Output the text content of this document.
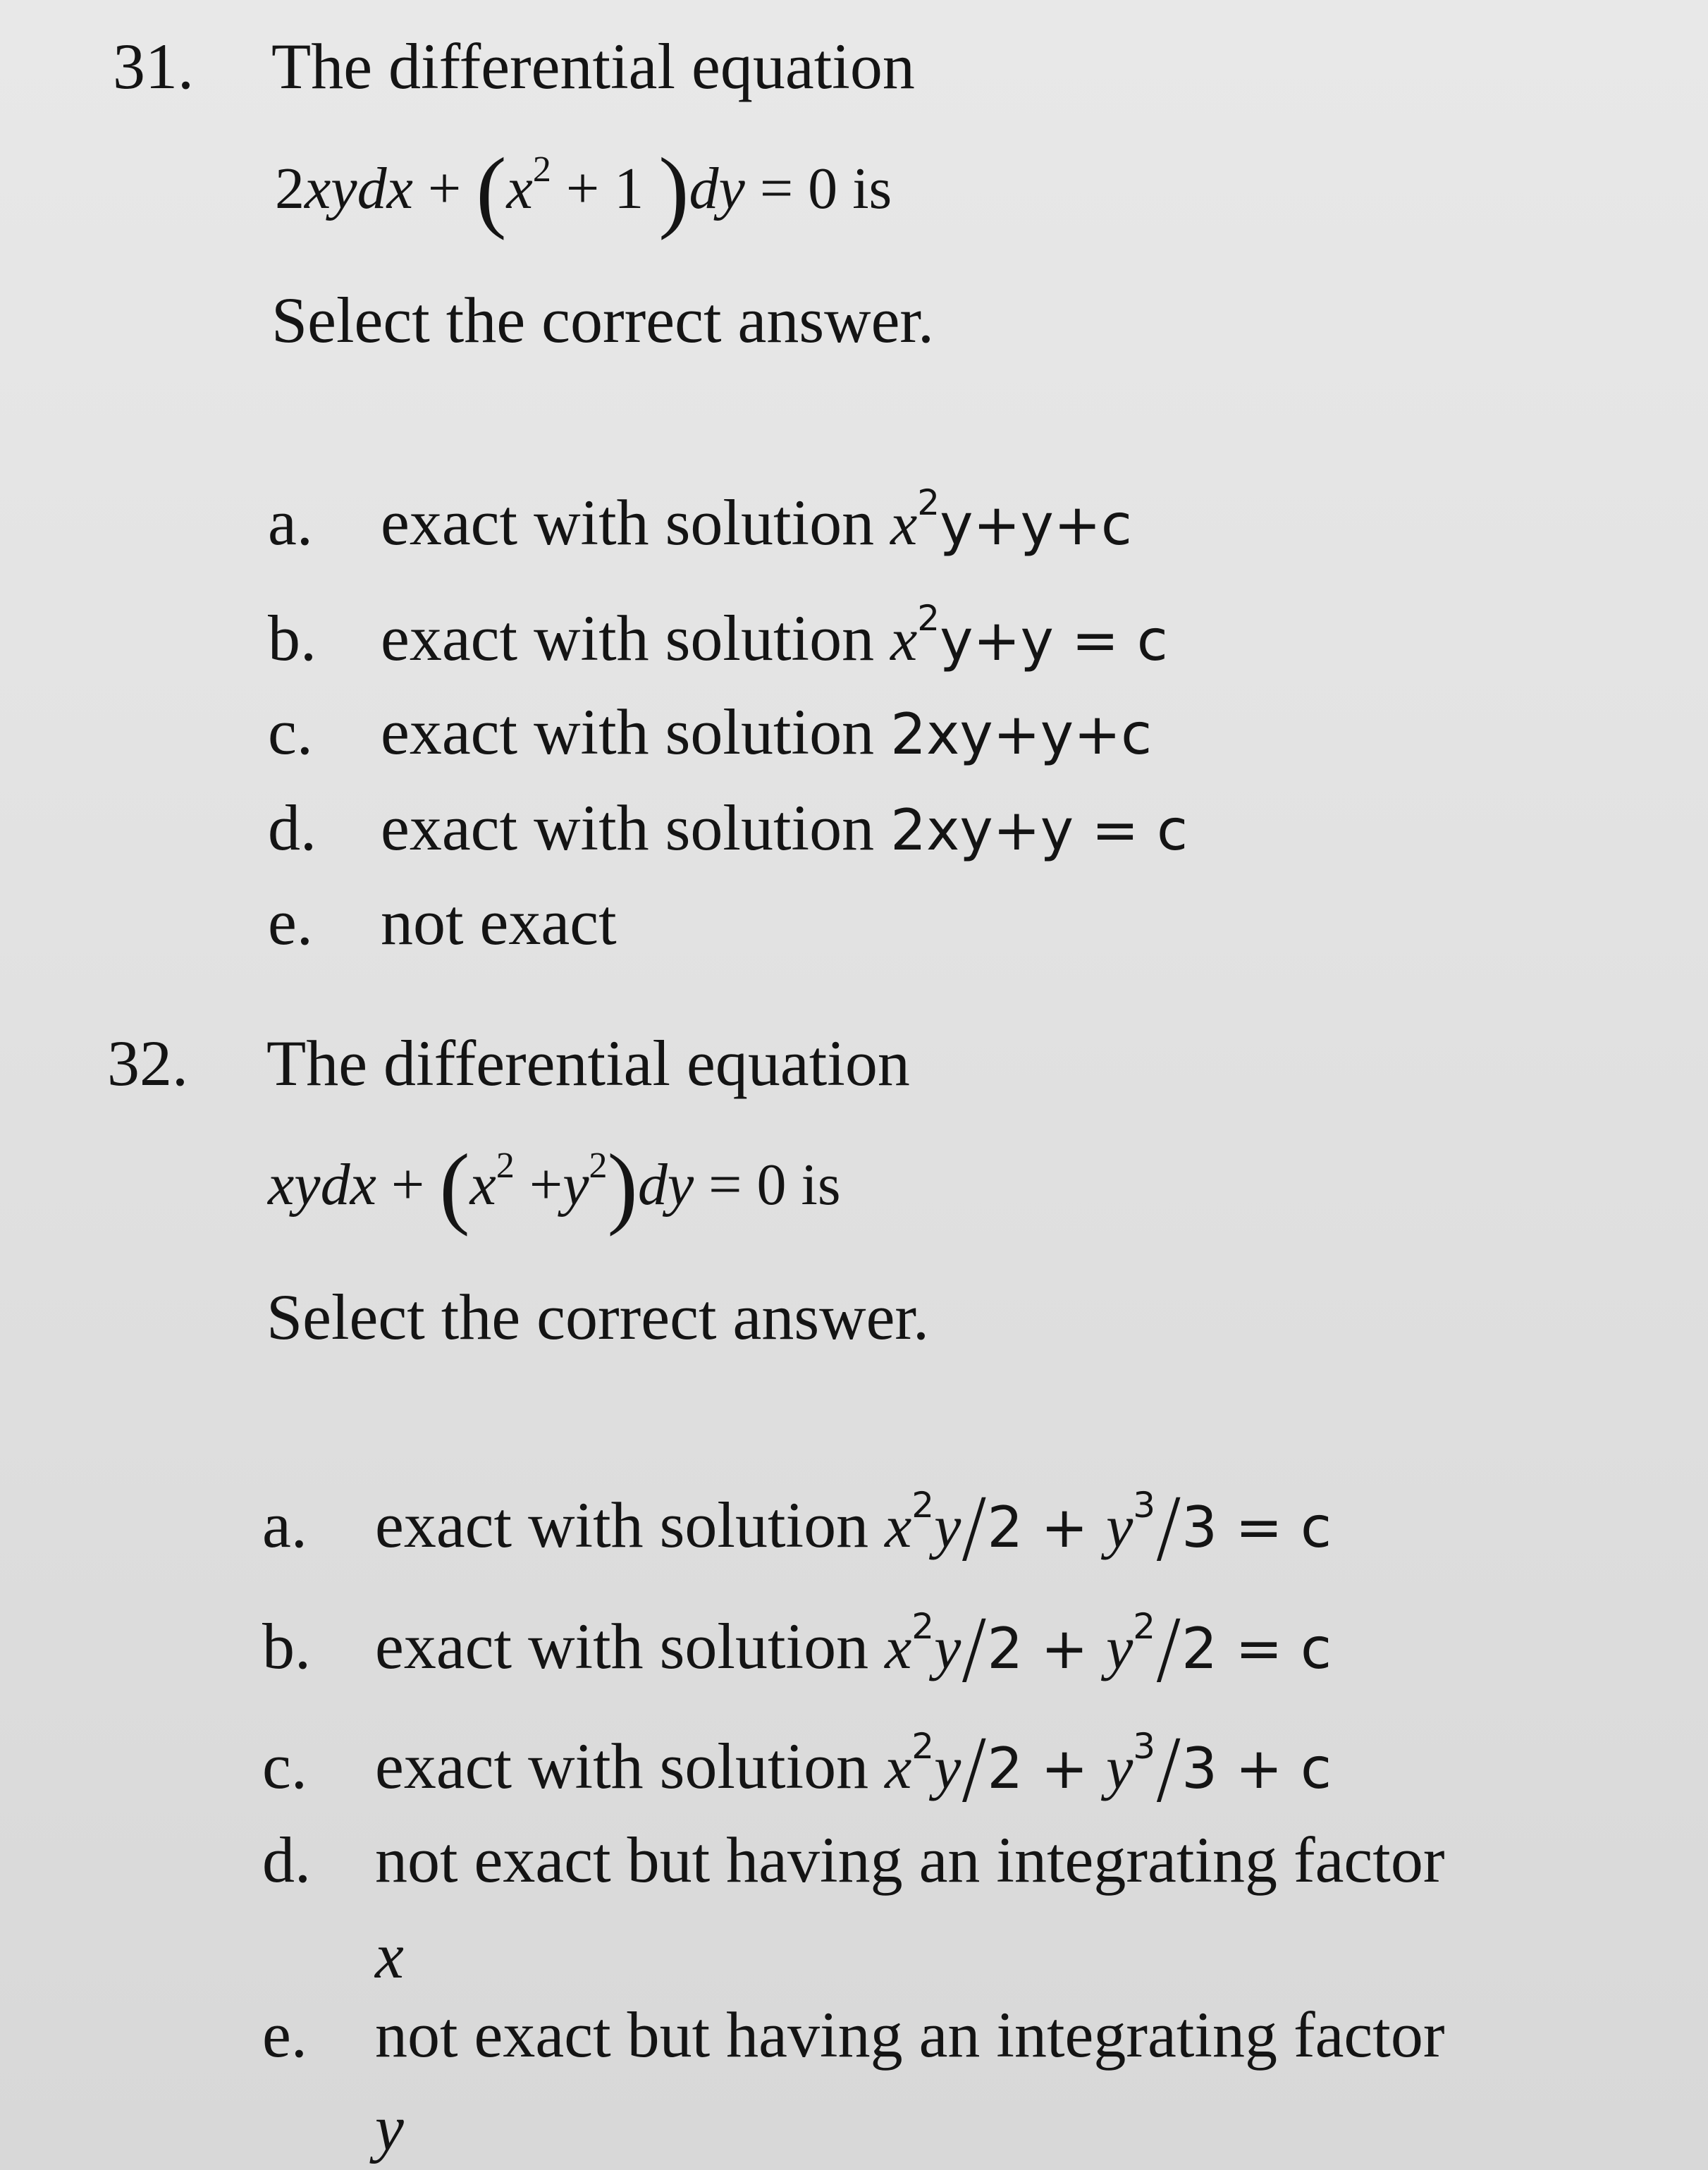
31. The differential equation
2xydx + ($x^2 + 1$ )dy = 0 is
Select the correct answer.
a. exact with solution $x^2y+y+c$
b. exact with solution $x^2y+y = c$
c. exact with solution 2xy+y+c
d. exact with solution 2xy+y = c
e. not exact
32. The differential equation
xydx + $(x^2 +y^2)dy = 0$ is
Select the correct answer.
a. exact with solution $x^2y/2 + y^3/3 = c$
b. exact with solution $x^2y/2 + y^2/2 = c$
c. exact with solution $x^2y/2 + y^3/3 + c$
d. not exact but having an integrating factor
x
e. not exact but having an integrating factor
y
